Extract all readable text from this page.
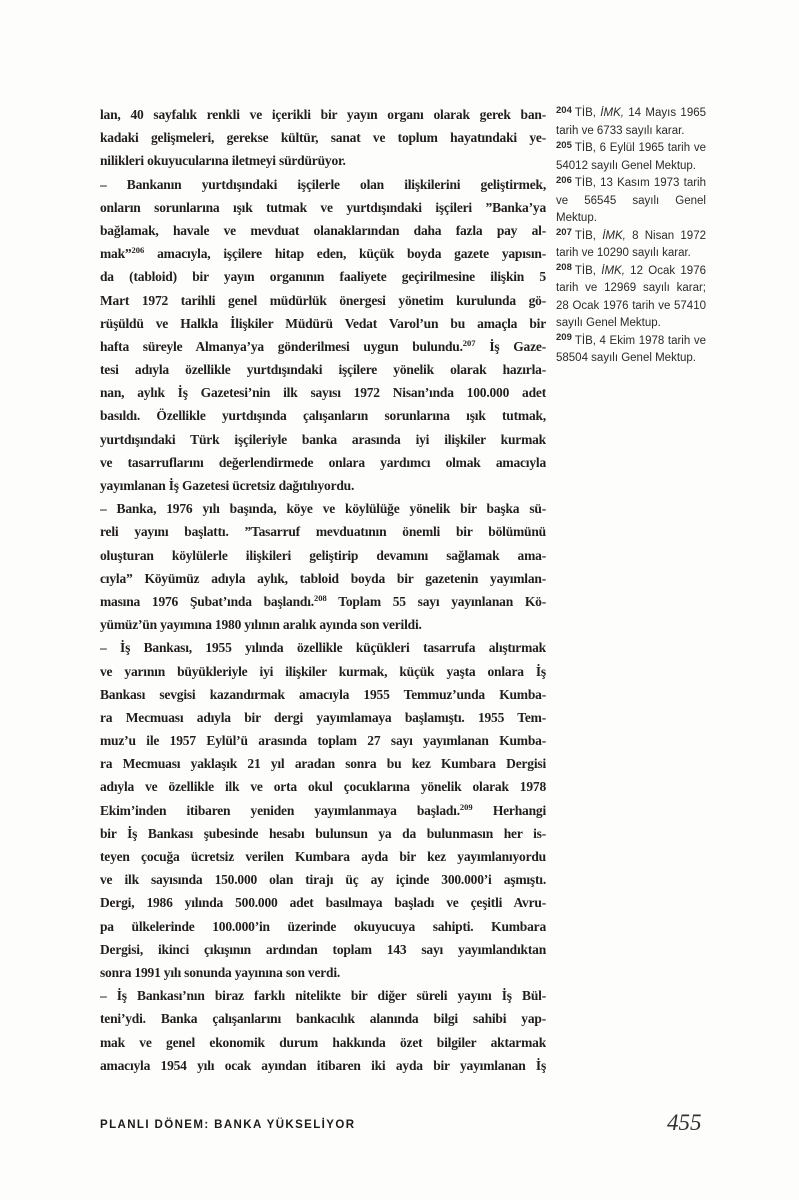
lan, 40 sayfalık renkli ve içerikli bir yayın organı olarak gerek ban-
kadaki gelişmeleri, gerekse kültür, sanat ve toplum hayatındaki ye-
nilikleri okuyucularına iletmeyi sürdürüyor.
– Bankanın yurtdışındaki işçilerle olan ilişkilerini geliştirmek,
onların sorunlarına ışık tutmak ve yurtdışındaki işçileri ”Banka’ya
bağlamak, havale ve mevduat olanaklarından daha fazla pay al-
mak”$^{206}$ amacıyla, işçilere hitap eden, küçük boyda gazete yapısın-
da (tabloid) bir yayın organının faaliyete geçirilmesine ilişkin 5
Mart 1972 tarihli genel müdürlük önergesi yönetim kurulunda gö-
rüşüldü ve Halkla İlişkiler Müdürü Vedat Varol’un bu amaçla bir
hafta süreyle Almanya’ya gönderilmesi uygun bulundu.$^{207}$ İş Gaze-
tesi adıyla özellikle yurtdışındaki işçilere yönelik olarak hazırla-
nan, aylık İş Gazetesi’nin ilk sayısı 1972 Nisan’ında 100.000 adet
basıldı. Özellikle yurtdışında çalışanların sorunlarına ışık tutmak,
yurtdışındaki Türk işçileriyle banka arasında iyi ilişkiler kurmak
ve tasarruflarını değerlendirmede onlara yardımcı olmak amacıyla
yayımlanan İş Gazetesi ücretsiz dağıtılıyordu.
– Banka, 1976 yılı başında, köye ve köylülüğe yönelik bir başka sü-
reli yayını başlattı. ”Tasarruf mevduatının önemli bir bölümünü
oluşturan köylülerle ilişkileri geliştirip devamını sağlamak ama-
cıyla” Köyümüz adıyla aylık, tabloid boyda bir gazetenin yayımlan-
masına 1976 Şubat’ında başlandı.$^{208}$ Toplam 55 sayı yayınlanan Kö-
yümüz’ün yayımına 1980 yılının aralık ayında son verildi.
– İş Bankası, 1955 yılında özellikle küçükleri tasarrufa alıştırmak
ve yarının büyükleriyle iyi ilişkiler kurmak, küçük yaşta onlara İş
Bankası sevgisi kazandırmak amacıyla 1955 Temmuz’unda Kumba-
ra Mecmuası adıyla bir dergi yayımlamaya başlamıştı. 1955 Tem-
muz’u ile 1957 Eylül’ü arasında toplam 27 sayı yayımlanan Kumba-
ra Mecmuası yaklaşık 21 yıl aradan sonra bu kez Kumbara Dergisi
adıyla ve özellikle ilk ve orta okul çocuklarına yönelik olarak 1978
Ekim’inden itibaren yeniden yayımlanmaya başladı.$^{209}$ Herhangi
bir İş Bankası şubesinde hesabı bulunsun ya da bulunmasın her is-
teyen çocuğa ücretsiz verilen Kumbara ayda bir kez yayımlanıyordu
ve ilk sayısında 150.000 olan tirajı üç ay içinde 300.000’i aşmıştı.
Dergi, 1986 yılında 500.000 adet basılmaya başladı ve çeşitli Avru-
pa ülkelerinde 100.000’in üzerinde okuyucuya sahipti. Kumbara
Dergisi, ikinci çıkışının ardından toplam 143 sayı yayımlandıktan
sonra 1991 yılı sonunda yayınına son verdi.
– İş Bankası’nın biraz farklı nitelikte bir diğer süreli yayını İş Bül-
teni’ydi. Banka çalışanlarını bankacılık alanında bilgi sahibi yap-
mak ve genel ekonomik durum hakkında özet bilgiler aktarmak
amacıyla 1954 yılı ocak ayından itibaren iki ayda bir yayımlanan İş
$^{204}$ TİB, İMK, 14 Mayıs 1965 tarih ve 6733 sayılı karar.
$^{205}$ TİB, 6 Eylül 1965 tarih ve 54012 sayılı Genel Mektup.
$^{206}$ TİB, 13 Kasım 1973 tarih ve 56545 sayılı Genel Mektup.
$^{207}$ TİB, İMK, 8 Nisan 1972 tarih ve 10290 sayılı karar.
$^{208}$ TİB, İMK, 12 Ocak 1976 tarih ve 12969 sayılı karar; 28 Ocak 1976 tarih ve 57410 sayılı Genel Mektup.
$^{209}$ TİB, 4 Ekim 1978 tarih ve 58504 sayılı Genel Mektup.
PLANLI DÖNEM: BANKA YÜKSELİYOR	455
